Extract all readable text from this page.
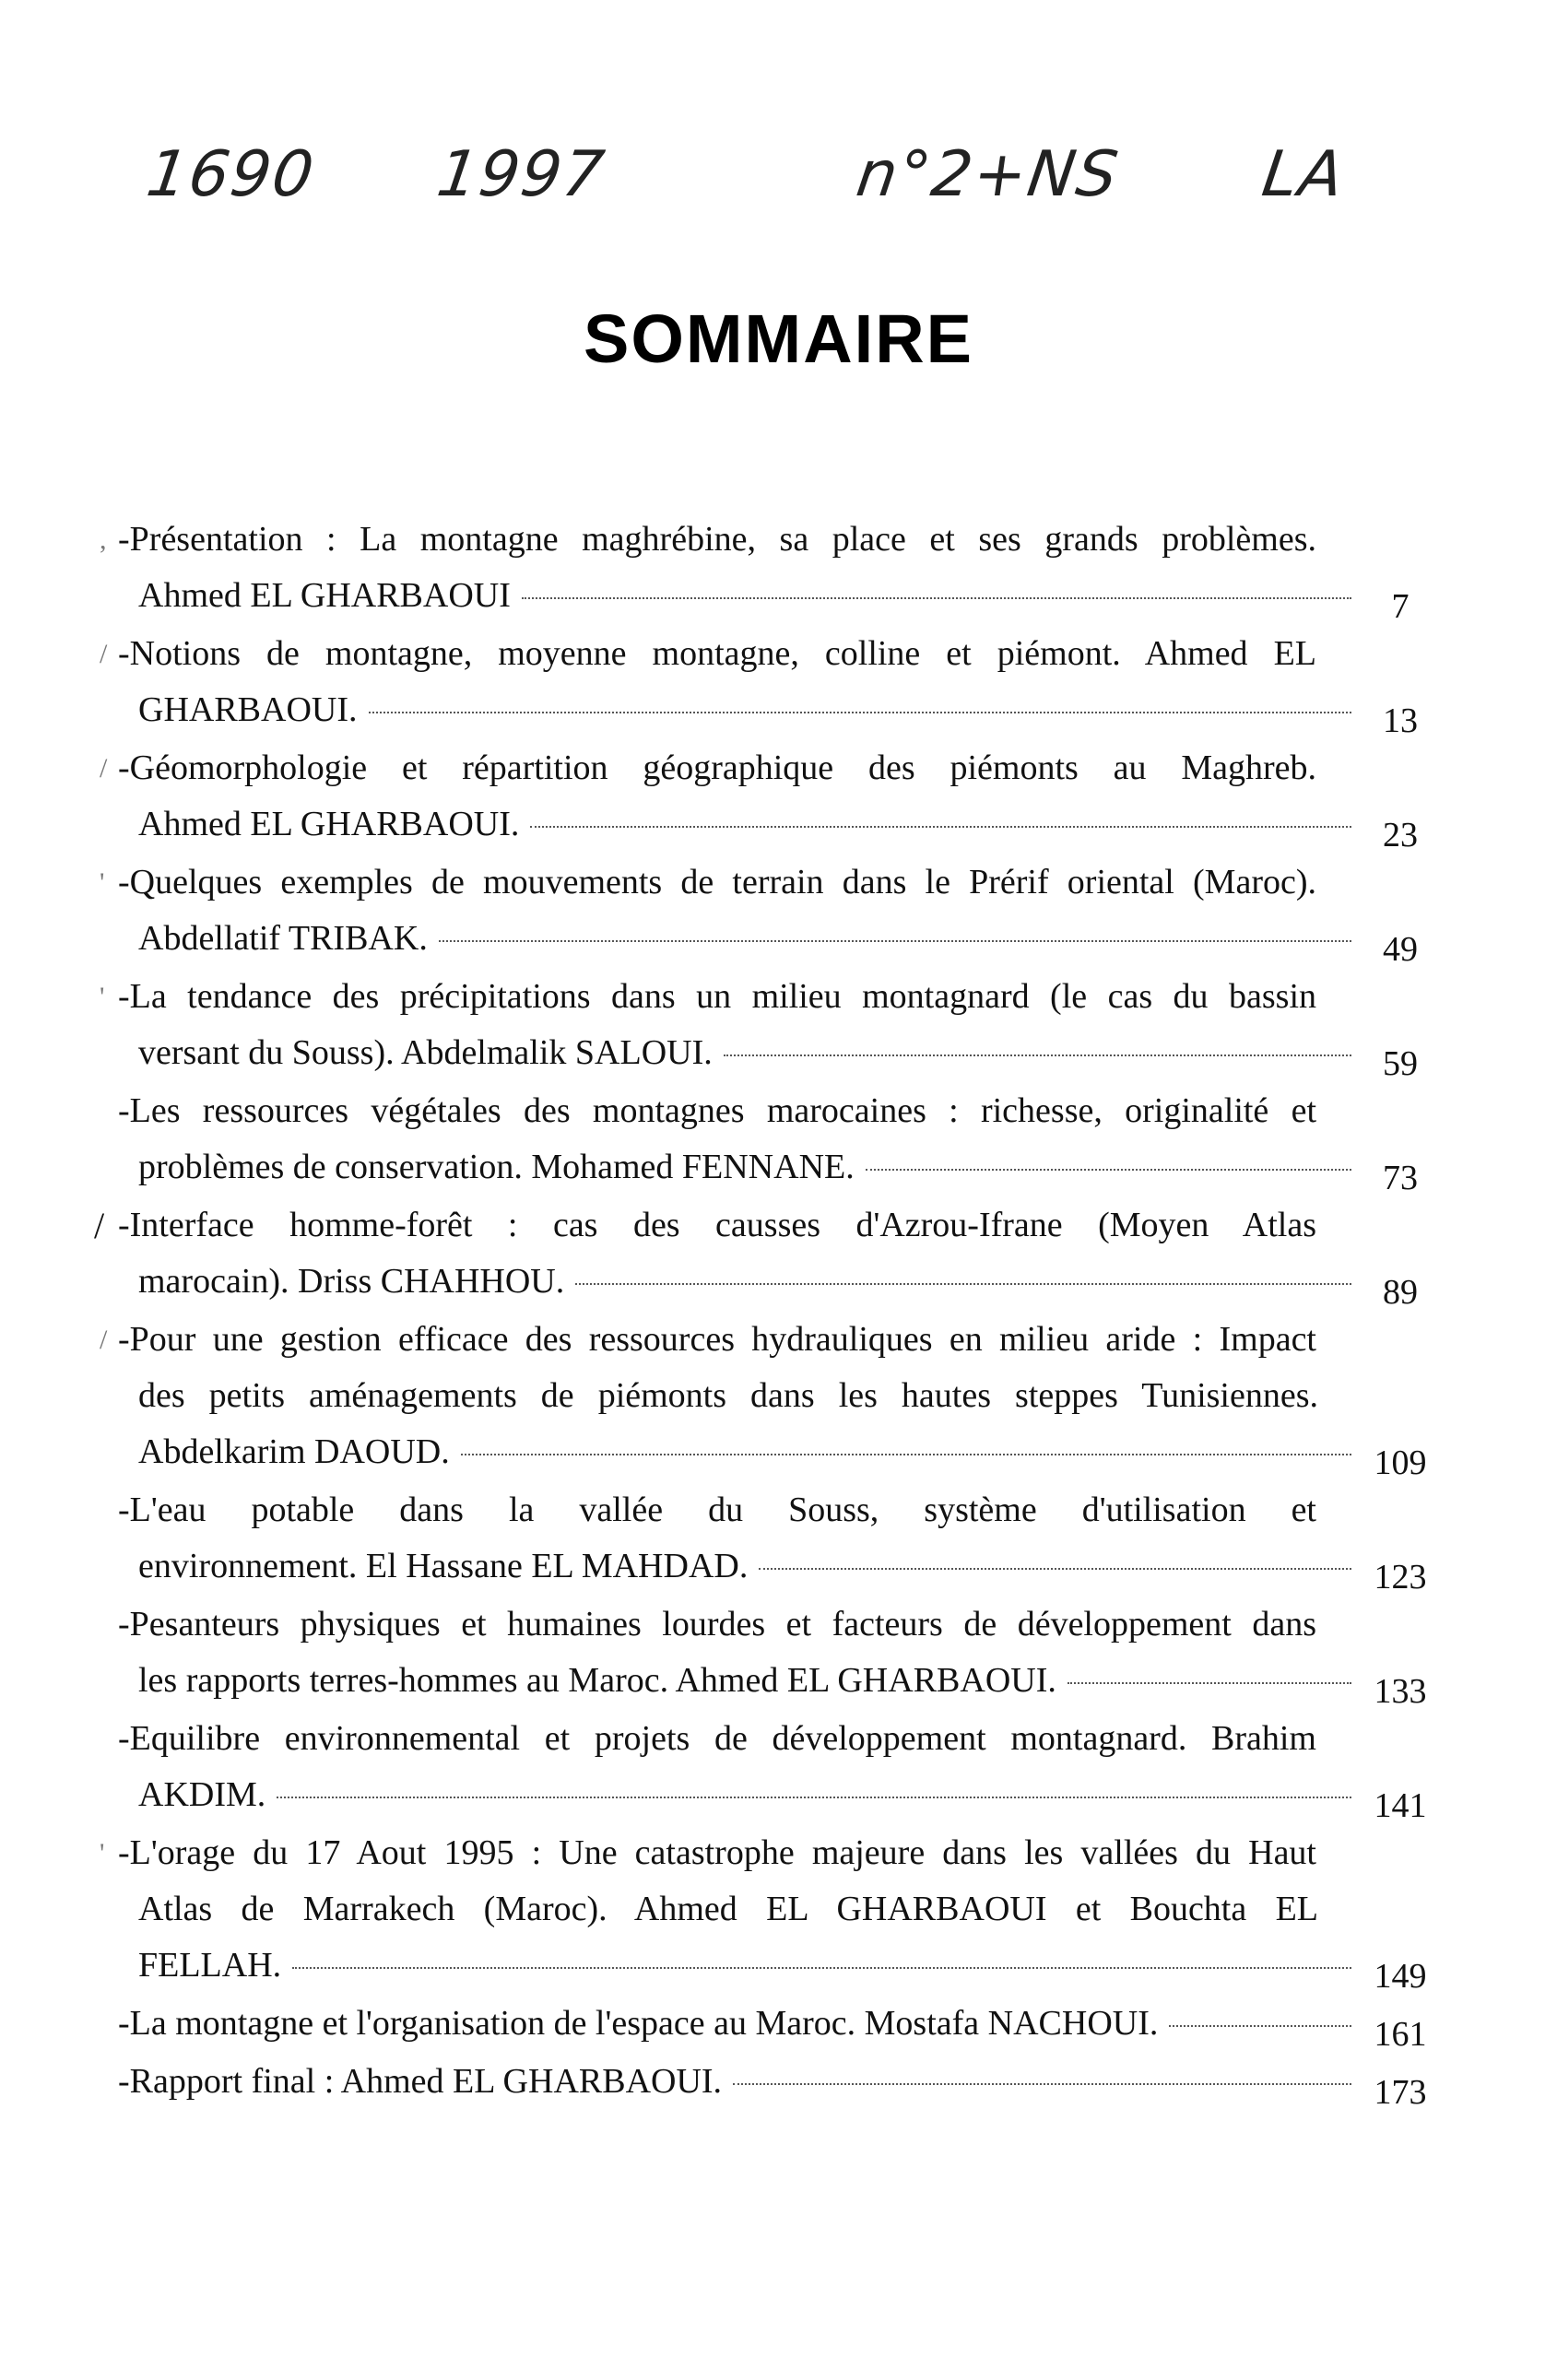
1690 1997	n°2+NS LA
SOMMAIRE
, -Présentation : La montagne maghrébine, sa place et ses grands problèmes.
Ahmed EL GHARBAOUI	7
/ -Notions de montagne, moyenne montagne, colline et piémont. Ahmed EL
GHARBAOUI.	13
/ -Géomorphologie et répartition géographique des piémonts au Maghreb.
Ahmed EL GHARBAOUI.	23
' -Quelques exemples de mouvements de terrain dans le Prérif oriental (Maroc).
Abdellatif TRIBAK.	49
' -La tendance des précipitations dans un milieu montagnard (le cas du bassin
versant du Souss). Abdelmalik SALOUI.	59
-Les ressources végétales des montagnes marocaines : richesse, originalité et
problèmes de conservation. Mohamed FENNANE.	73
/ -Interface homme-forêt : cas des causses d'Azrou-Ifrane (Moyen Atlas
marocain). Driss CHAHHOU.	89
/ -Pour une gestion efficace des ressources hydrauliques en milieu aride : Impact
des petits aménagements de piémonts dans les hautes steppes Tunisiennes.
Abdelkarim DAOUD.	109
-L'eau potable dans la vallée du Souss, système d'utilisation et
environnement. El Hassane EL MAHDAD.	123
-Pesanteurs physiques et humaines lourdes et facteurs de développement dans
les rapports terres-hommes au Maroc. Ahmed EL GHARBAOUI.	133
-Equilibre environnemental et projets de développement montagnard. Brahim
AKDIM.	141
' -L'orage du 17 Aout 1995 : Une catastrophe majeure dans les vallées du Haut
Atlas de Marrakech (Maroc). Ahmed EL GHARBAOUI et Bouchta EL
FELLAH.	149
-La montagne et l'organisation de l'espace au Maroc. Mostafa NACHOUI.	161
-Rapport final : Ahmed EL GHARBAOUI.	173
